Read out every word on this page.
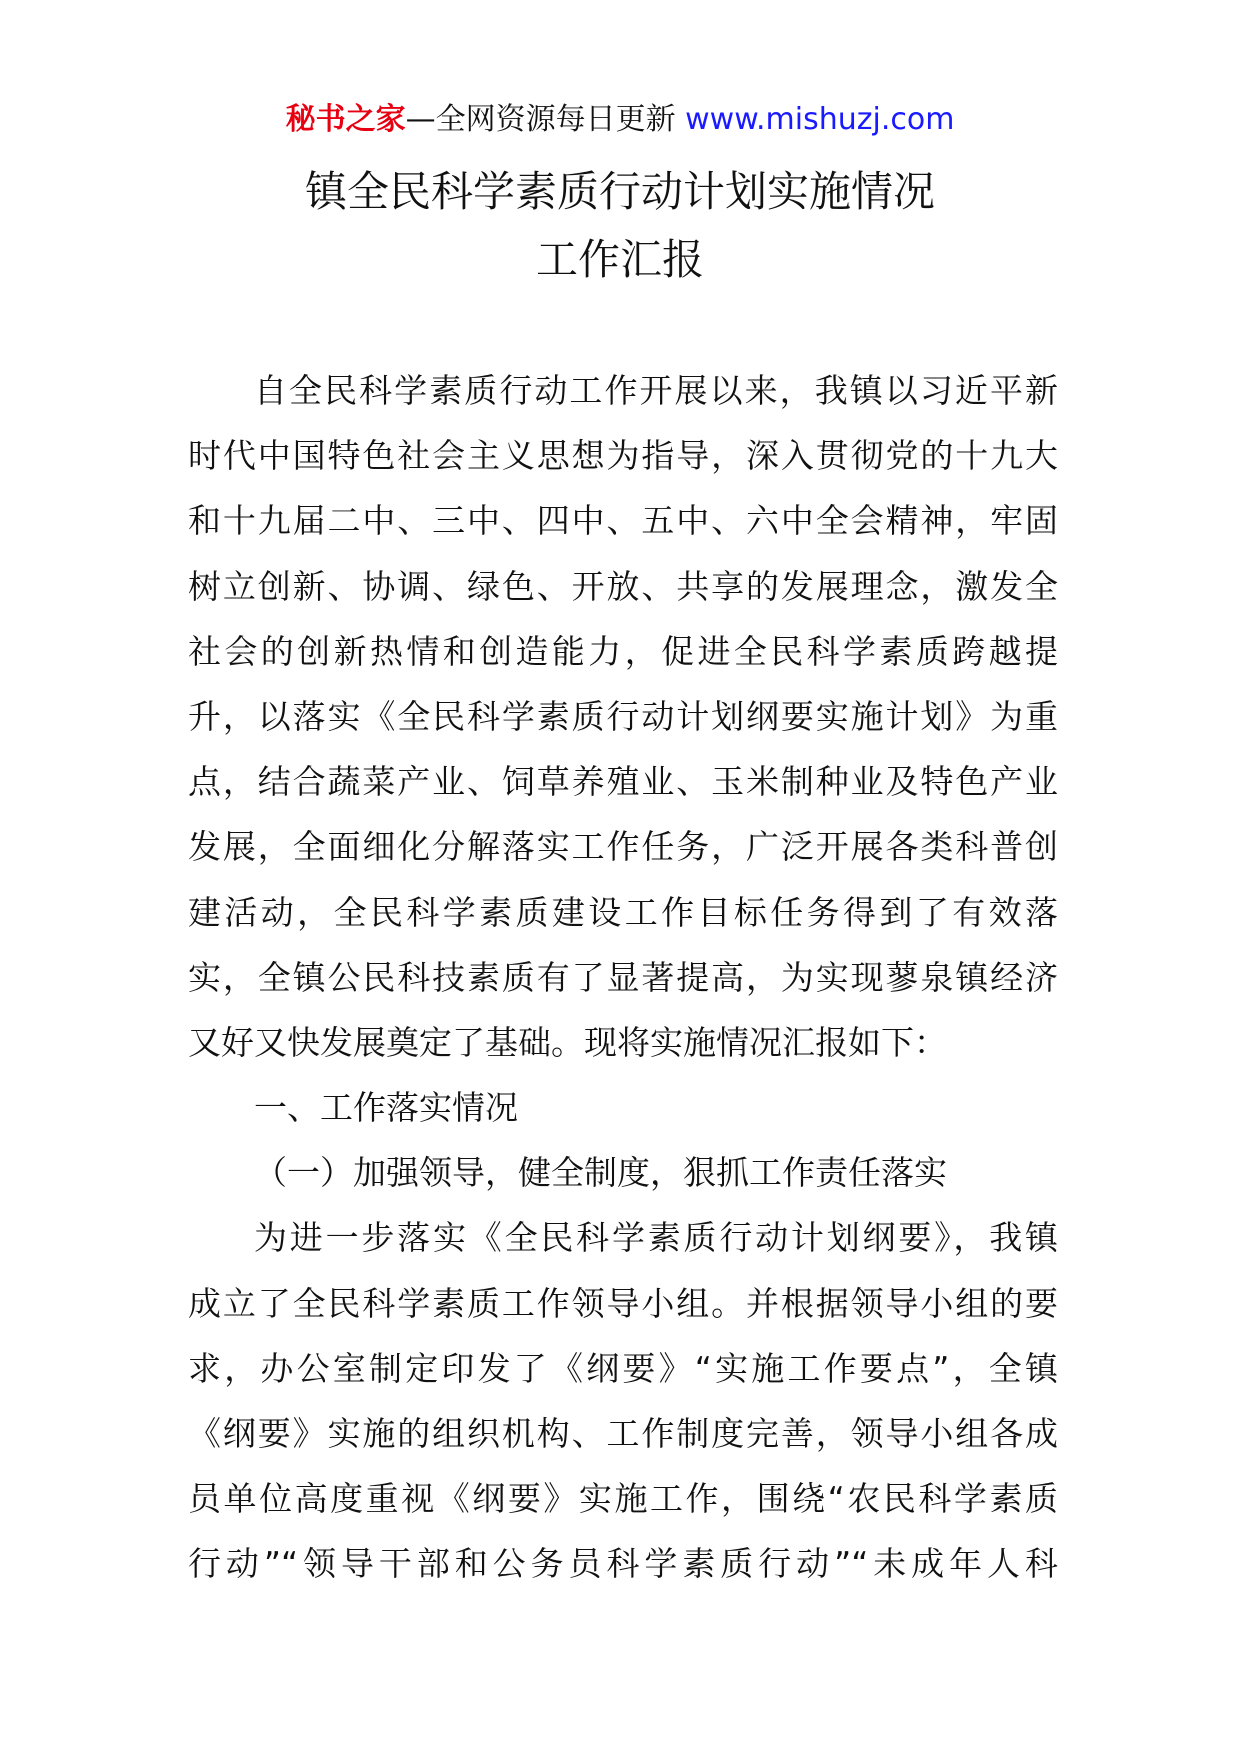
秘书之家—全网资源每日更新 www.mishuzj.com
镇全民科学素质行动计划实施情况
工作汇报
自全民科学素质行动工作开展以来，我镇以习近平新
时代中国特色社会主义思想为指导，深入贯彻党的十九大
和十九届二中、三中、四中、五中、六中全会精神，牢固
树立创新、协调、绿色、开放、共享的发展理念，激发全
社会的创新热情和创造能力，促进全民科学素质跨越提
升，以落实《全民科学素质行动计划纲要实施计划》为重
点，结合蔬菜产业、饲草养殖业、玉米制种业及特色产业
发展，全面细化分解落实工作任务，广泛开展各类科普创
建活动，全民科学素质建设工作目标任务得到了有效落
实，全镇公民科技素质有了显著提高，为实现蓼泉镇经济
又好又快发展奠定了基础。现将实施情况汇报如下：
一、工作落实情况
（一）加强领导，健全制度，狠抓工作责任落实
为进一步落实《全民科学素质行动计划纲要》，我镇
成立了全民科学素质工作领导小组。并根据领导小组的要
求，办公室制定印发了《纲要》“实施工作要点”，全镇
《纲要》实施的组织机构、工作制度完善，领导小组各成
员单位高度重视《纲要》实施工作，围绕“农民科学素质
行动”“领导干部和公务员科学素质行动”“未成年人科
